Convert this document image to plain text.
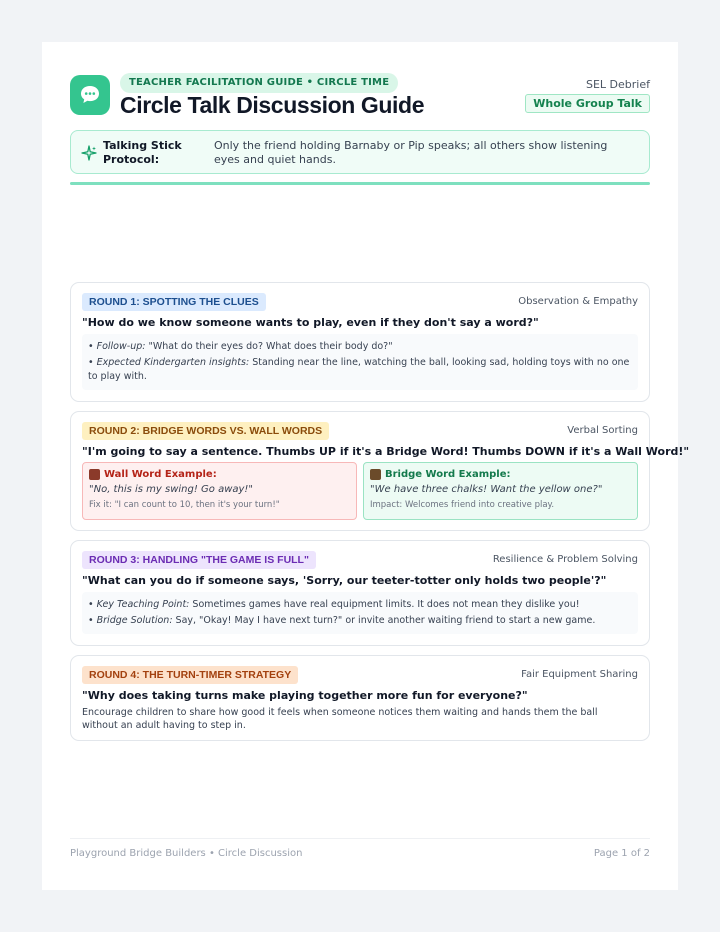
TEACHER FACILITATION GUIDE • CIRCLE TIME
Circle Talk Discussion Guide
SEL Debrief
Whole Group Talk
Talking Stick Protocol:
Only the friend holding Barnaby or Pip speaks; all others show listening eyes and quiet hands.
ROUND 1: SPOTTING THE CLUES	Observation & Empathy
"How do we know someone wants to play, even if they don't say a word?"
• Follow-up: "What do their eyes do? What does their body do?"
• Expected Kindergarten insights: Standing near the line, watching the ball, looking sad, holding toys with no one to play with.
ROUND 2: BRIDGE WORDS VS. WALL WORDS	Verbal Sorting
"I'm going to say a sentence. Thumbs UP if it's a Bridge Word! Thumbs DOWN if it's a Wall Word!"
Wall Word Example:
"No, this is my swing! Go away!"
Fix it: "I can count to 10, then it's your turn!"
Bridge Word Example:
"We have three chalks! Want the yellow one?"
Impact: Welcomes friend into creative play.
ROUND 3: HANDLING "THE GAME IS FULL"	Resilience & Problem Solving
"What can you do if someone says, 'Sorry, our teeter-totter only holds two people'?"
• Key Teaching Point: Sometimes games have real equipment limits. It does not mean they dislike you!
• Bridge Solution: Say, "Okay! May I have next turn?" or invite another waiting friend to start a new game.
ROUND 4: THE TURN-TIMER STRATEGY	Fair Equipment Sharing
"Why does taking turns make playing together more fun for everyone?"
Encourage children to share how good it feels when someone notices them waiting and hands them the ball without an adult having to step in.
Playground Bridge Builders • Circle Discussion	Page 1 of 2
